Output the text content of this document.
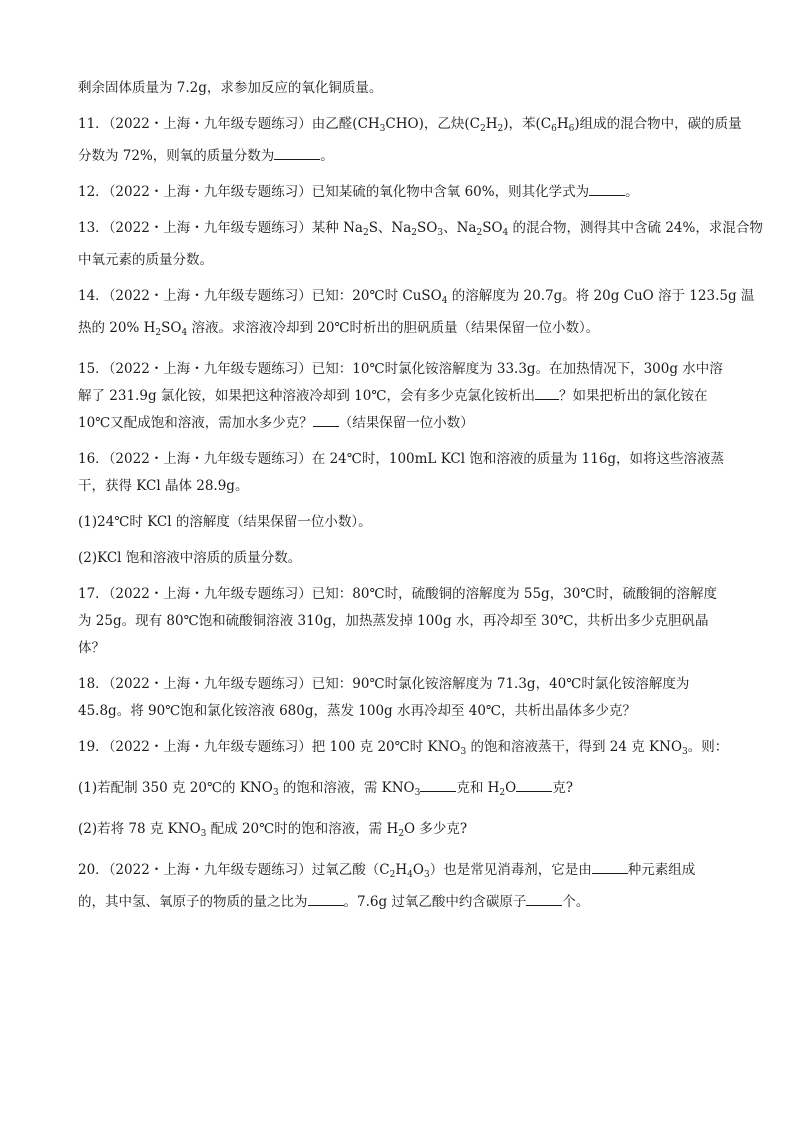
剩余固体质量为 7.2g，求参加反应的氧化铜质量。

11．（2022・上海・九年级专题练习）由乙醛$(CH_3CHO)$，乙炔$(C_2H_2)$，苯$(C_6H_6)$组成的混合物中，碳的质量
分数为 72%，则氧的质量分数为	。

12．（2022・上海・九年级专题练习）已知某硫的氧化物中含氧 60%，则其化学式为	。

13．（2022・上海・九年级专题练习）某种 $Na_2S$、$Na_2SO_3$、$Na_2SO_4$ 的混合物，测得其中含硫 24%，求混合物
中氧元素的质量分数。

14．（2022・上海・九年级专题练习）已知：20℃时 CuSO$_4$ 的溶解度为 20.7g。将 20g CuO 溶于 123.5g 温
热的 20% $H_2SO_4$ 溶液。求溶液冷却到 20℃时析出的胆矾质量（结果保留一位小数）。

15．（2022・上海・九年级专题练习）已知：10℃时氯化铵溶解度为 33.3g。在加热情况下，300g 水中溶
解了 231.9g 氯化铵，如果把这种溶液冷却到 10℃，会有多少克氯化铵析出 ？如果把析出的氯化铵在
10℃又配成饱和溶液，需加水多少克？ （结果保留一位小数）

16．（2022・上海・九年级专题练习）在 24℃时，100mL KCl 饱和溶液的质量为 116g，如将这些溶液蒸
干，获得 KCl 晶体 28.9g。

(1)24℃时 KCl 的溶解度（结果保留一位小数）。

(2)KCl 饱和溶液中溶质的质量分数。

17．（2022・上海・九年级专题练习）已知：80℃时，硫酸铜的溶解度为 55g，30℃时，硫酸铜的溶解度
为 25g。现有 80℃饱和硫酸铜溶液 310g，加热蒸发掉 100g 水，再冷却至 30℃，共析出多少克胆矾晶
体？

18．（2022・上海・九年级专题练习）已知：90℃时氯化铵溶解度为 71.3g，40℃时氯化铵溶解度为
45.8g。将 90℃饱和氯化铵溶液 680g，蒸发 100g 水再冷却至 40℃，共析出晶体多少克？

19．（2022・上海・九年级专题练习）把 100 克 20℃时 $KNO_3$ 的饱和溶液蒸干，得到 24 克 $KNO_3$。则：

(1)若配制 350 克 20℃的 $KNO_3$ 的饱和溶液，需 $KNO_3$	克和 $H_2O$	克?

(2)若将 78 克 $KNO_3$ 配成 20℃时的饱和溶液，需 $H_2O$ 多少克?

20．（2022・上海・九年级专题练习）过氧乙酸$(C_2H_4O_3)$也是常见消毒剂，它是由	种元素组成
的，其中氢、氧原子的物质的量之比为	。7.6g 过氧乙酸中约含碳原子	个。
